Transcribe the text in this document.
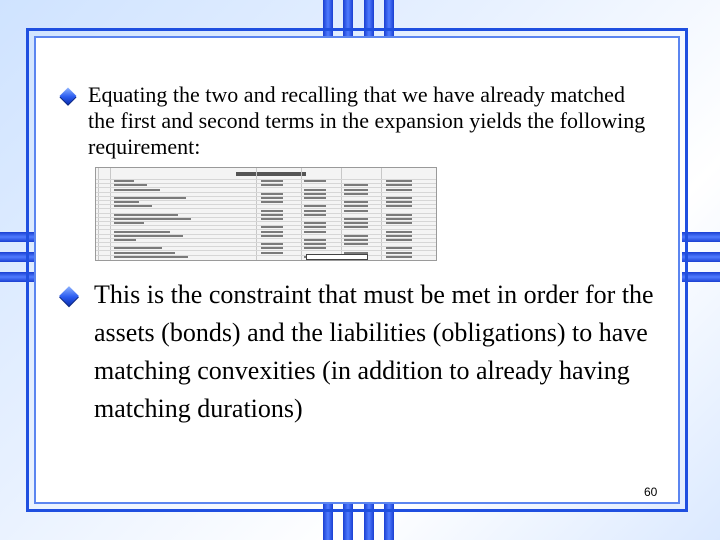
Equating the two and recalling that we have already matched the first and second terms in the expansion yields the following requirement:
This is the constraint that must be met in order for the assets (bonds) and the liabilities (obligations) to have matching convexities (in addition to already having matching durations)
60
